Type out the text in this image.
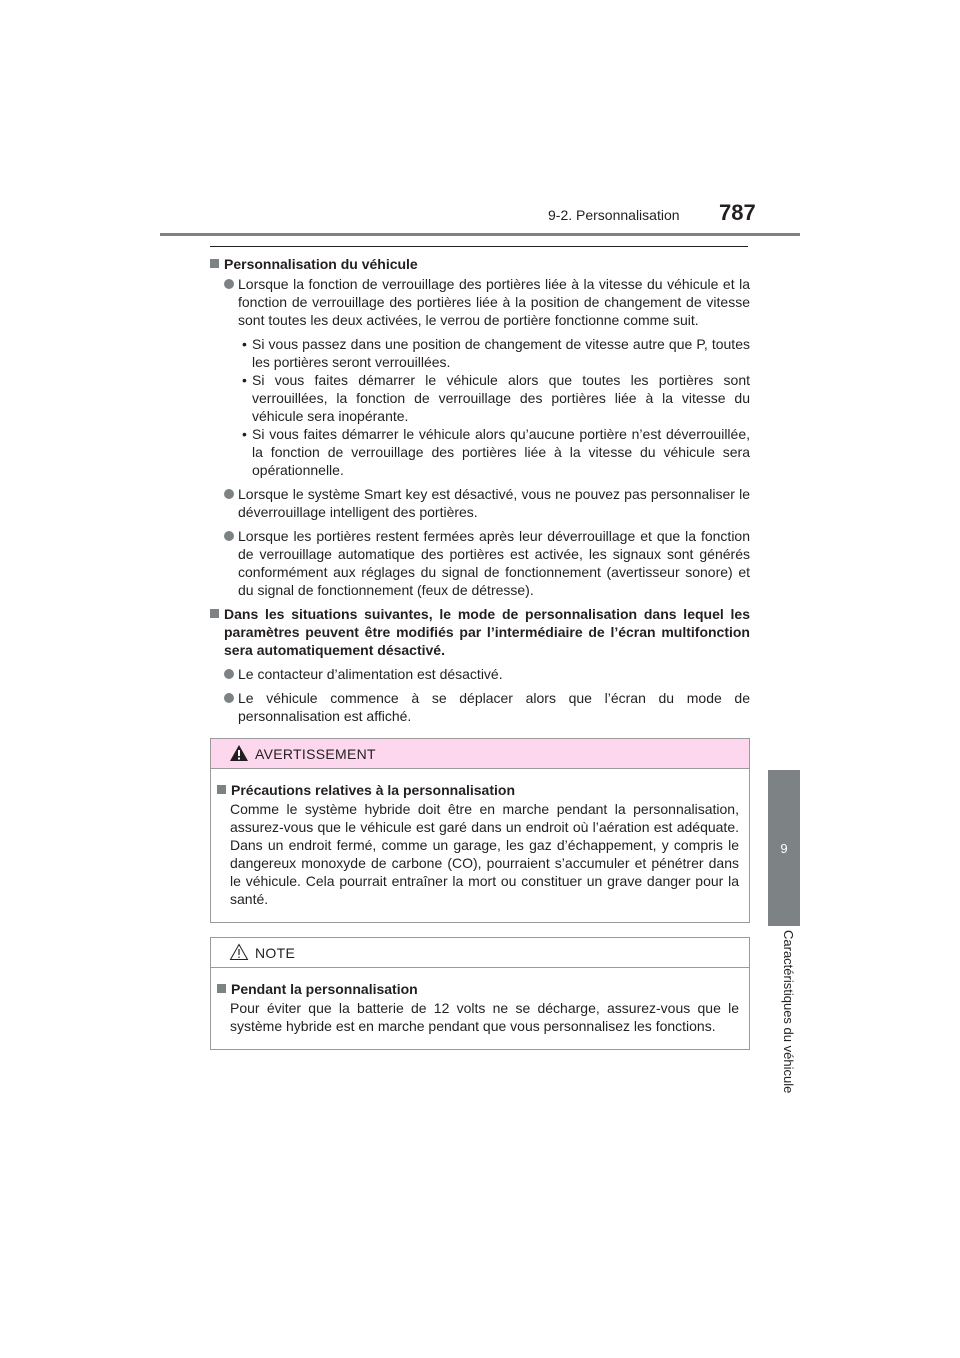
9-2. Personnalisation 787
9
Caractéristiques du véhicule
Personnalisation du véhicule
Lorsque la fonction de verrouillage des portières liée à la vitesse du véhicule et la fonction de verrouillage des portières liée à la position de changement de vitesse sont toutes les deux activées, le verrou de portière fonctionne comme suit.
• Si vous passez dans une position de changement de vitesse autre que P, toutes les portières seront verrouillées.
• Si vous faites démarrer le véhicule alors que toutes les portières sont verrouillées, la fonction de verrouillage des portières liée à la vitesse du véhicule sera inopérante.
• Si vous faites démarrer le véhicule alors qu’aucune portière n’est déverrouillée, la fonction de verrouillage des portières liée à la vitesse du véhicule sera opérationnelle.
Lorsque le système Smart key est désactivé, vous ne pouvez pas personnaliser le déverrouillage intelligent des portières.
Lorsque les portières restent fermées après leur déverrouillage et que la fonction de verrouillage automatique des portières est activée, les signaux sont générés conformément aux réglages du signal de fonctionnement (avertisseur sonore) et du signal de fonctionnement (feux de détresse).
Dans les situations suivantes, le mode de personnalisation dans lequel les paramètres peuvent être modifiés par l’intermédiaire de l’écran multifonction sera automatiquement désactivé.
Le contacteur d’alimentation est désactivé.
Le véhicule commence à se déplacer alors que l’écran du mode de personnalisation est affiché.
AVERTISSEMENT
Précautions relatives à la personnalisation
Comme le système hybride doit être en marche pendant la personnalisation, assurez-vous que le véhicule est garé dans un endroit où l’aération est adéquate. Dans un endroit fermé, comme un garage, les gaz d’échappement, y compris le dangereux monoxyde de carbone (CO), pourraient s’accumuler et pénétrer dans le véhicule. Cela pourrait entraîner la mort ou constituer un grave danger pour la santé.
NOTE
Pendant la personnalisation
Pour éviter que la batterie de 12 volts ne se décharge, assurez-vous que le système hybride est en marche pendant que vous personnalisez les fonctions.
